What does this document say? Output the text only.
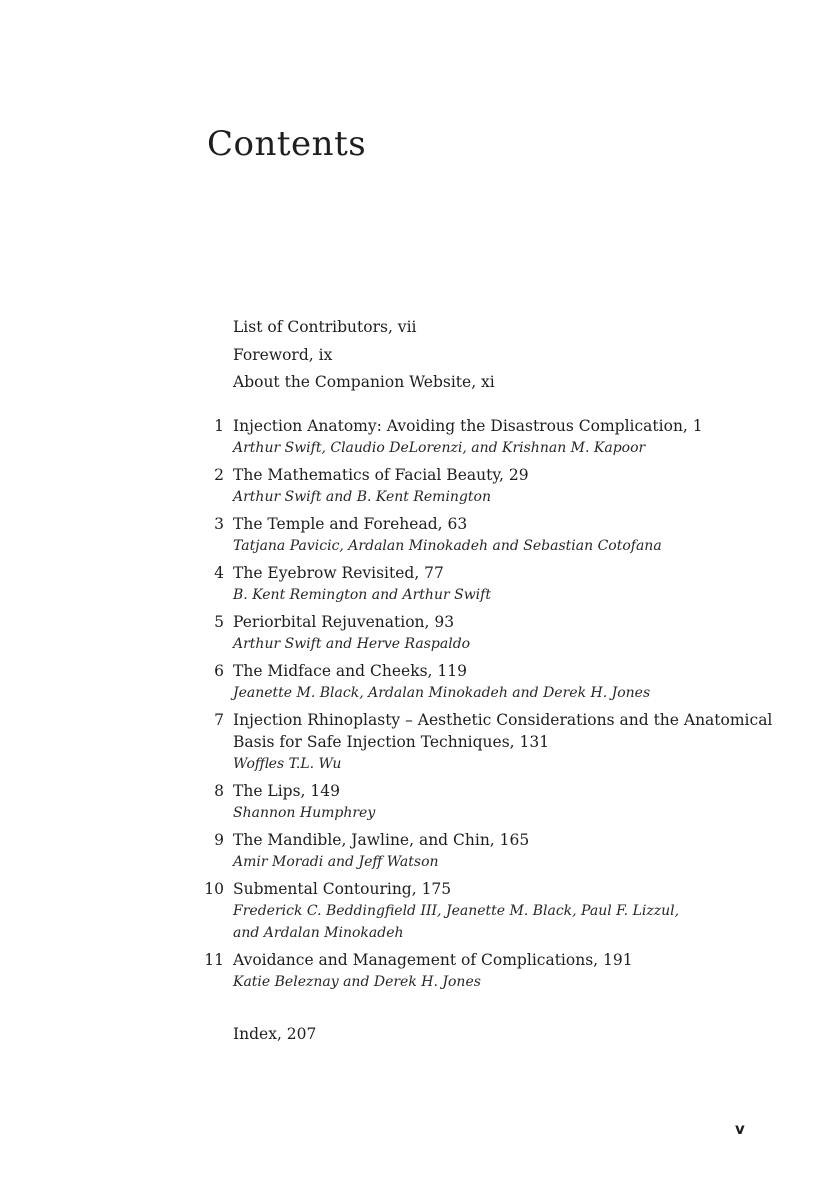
Contents
List of Contributors, vii
Foreword, ix
About the Companion Website, xi
1 Injection Anatomy: Avoiding the Disastrous Complication, 1
Arthur Swift, Claudio DeLorenzi, and Krishnan M. Kapoor
2 The Mathematics of Facial Beauty, 29
Arthur Swift and B. Kent Remington
3 The Temple and Forehead, 63
Tatjana Pavicic, Ardalan Minokadeh and Sebastian Cotofana
4 The Eyebrow Revisited, 77
B. Kent Remington and Arthur Swift
5 Periorbital Rejuvenation, 93
Arthur Swift and Herve Raspaldo
6 The Midface and Cheeks, 119
Jeanette M. Black, Ardalan Minokadeh and Derek H. Jones
7 Injection Rhinoplasty – Aesthetic Considerations and the Anatomical
Basis for Safe Injection Techniques, 131
Woffles T.L. Wu
8 The Lips, 149
Shannon Humphrey
9 The Mandible, Jawline, and Chin, 165
Amir Moradi and Jeff Watson
10 Submental Contouring, 175
Frederick C. Beddingfield III, Jeanette M. Black, Paul F. Lizzul,
and Ardalan Minokadeh
11 Avoidance and Management of Complications, 191
Katie Beleznay and Derek H. Jones
Index, 207
v
